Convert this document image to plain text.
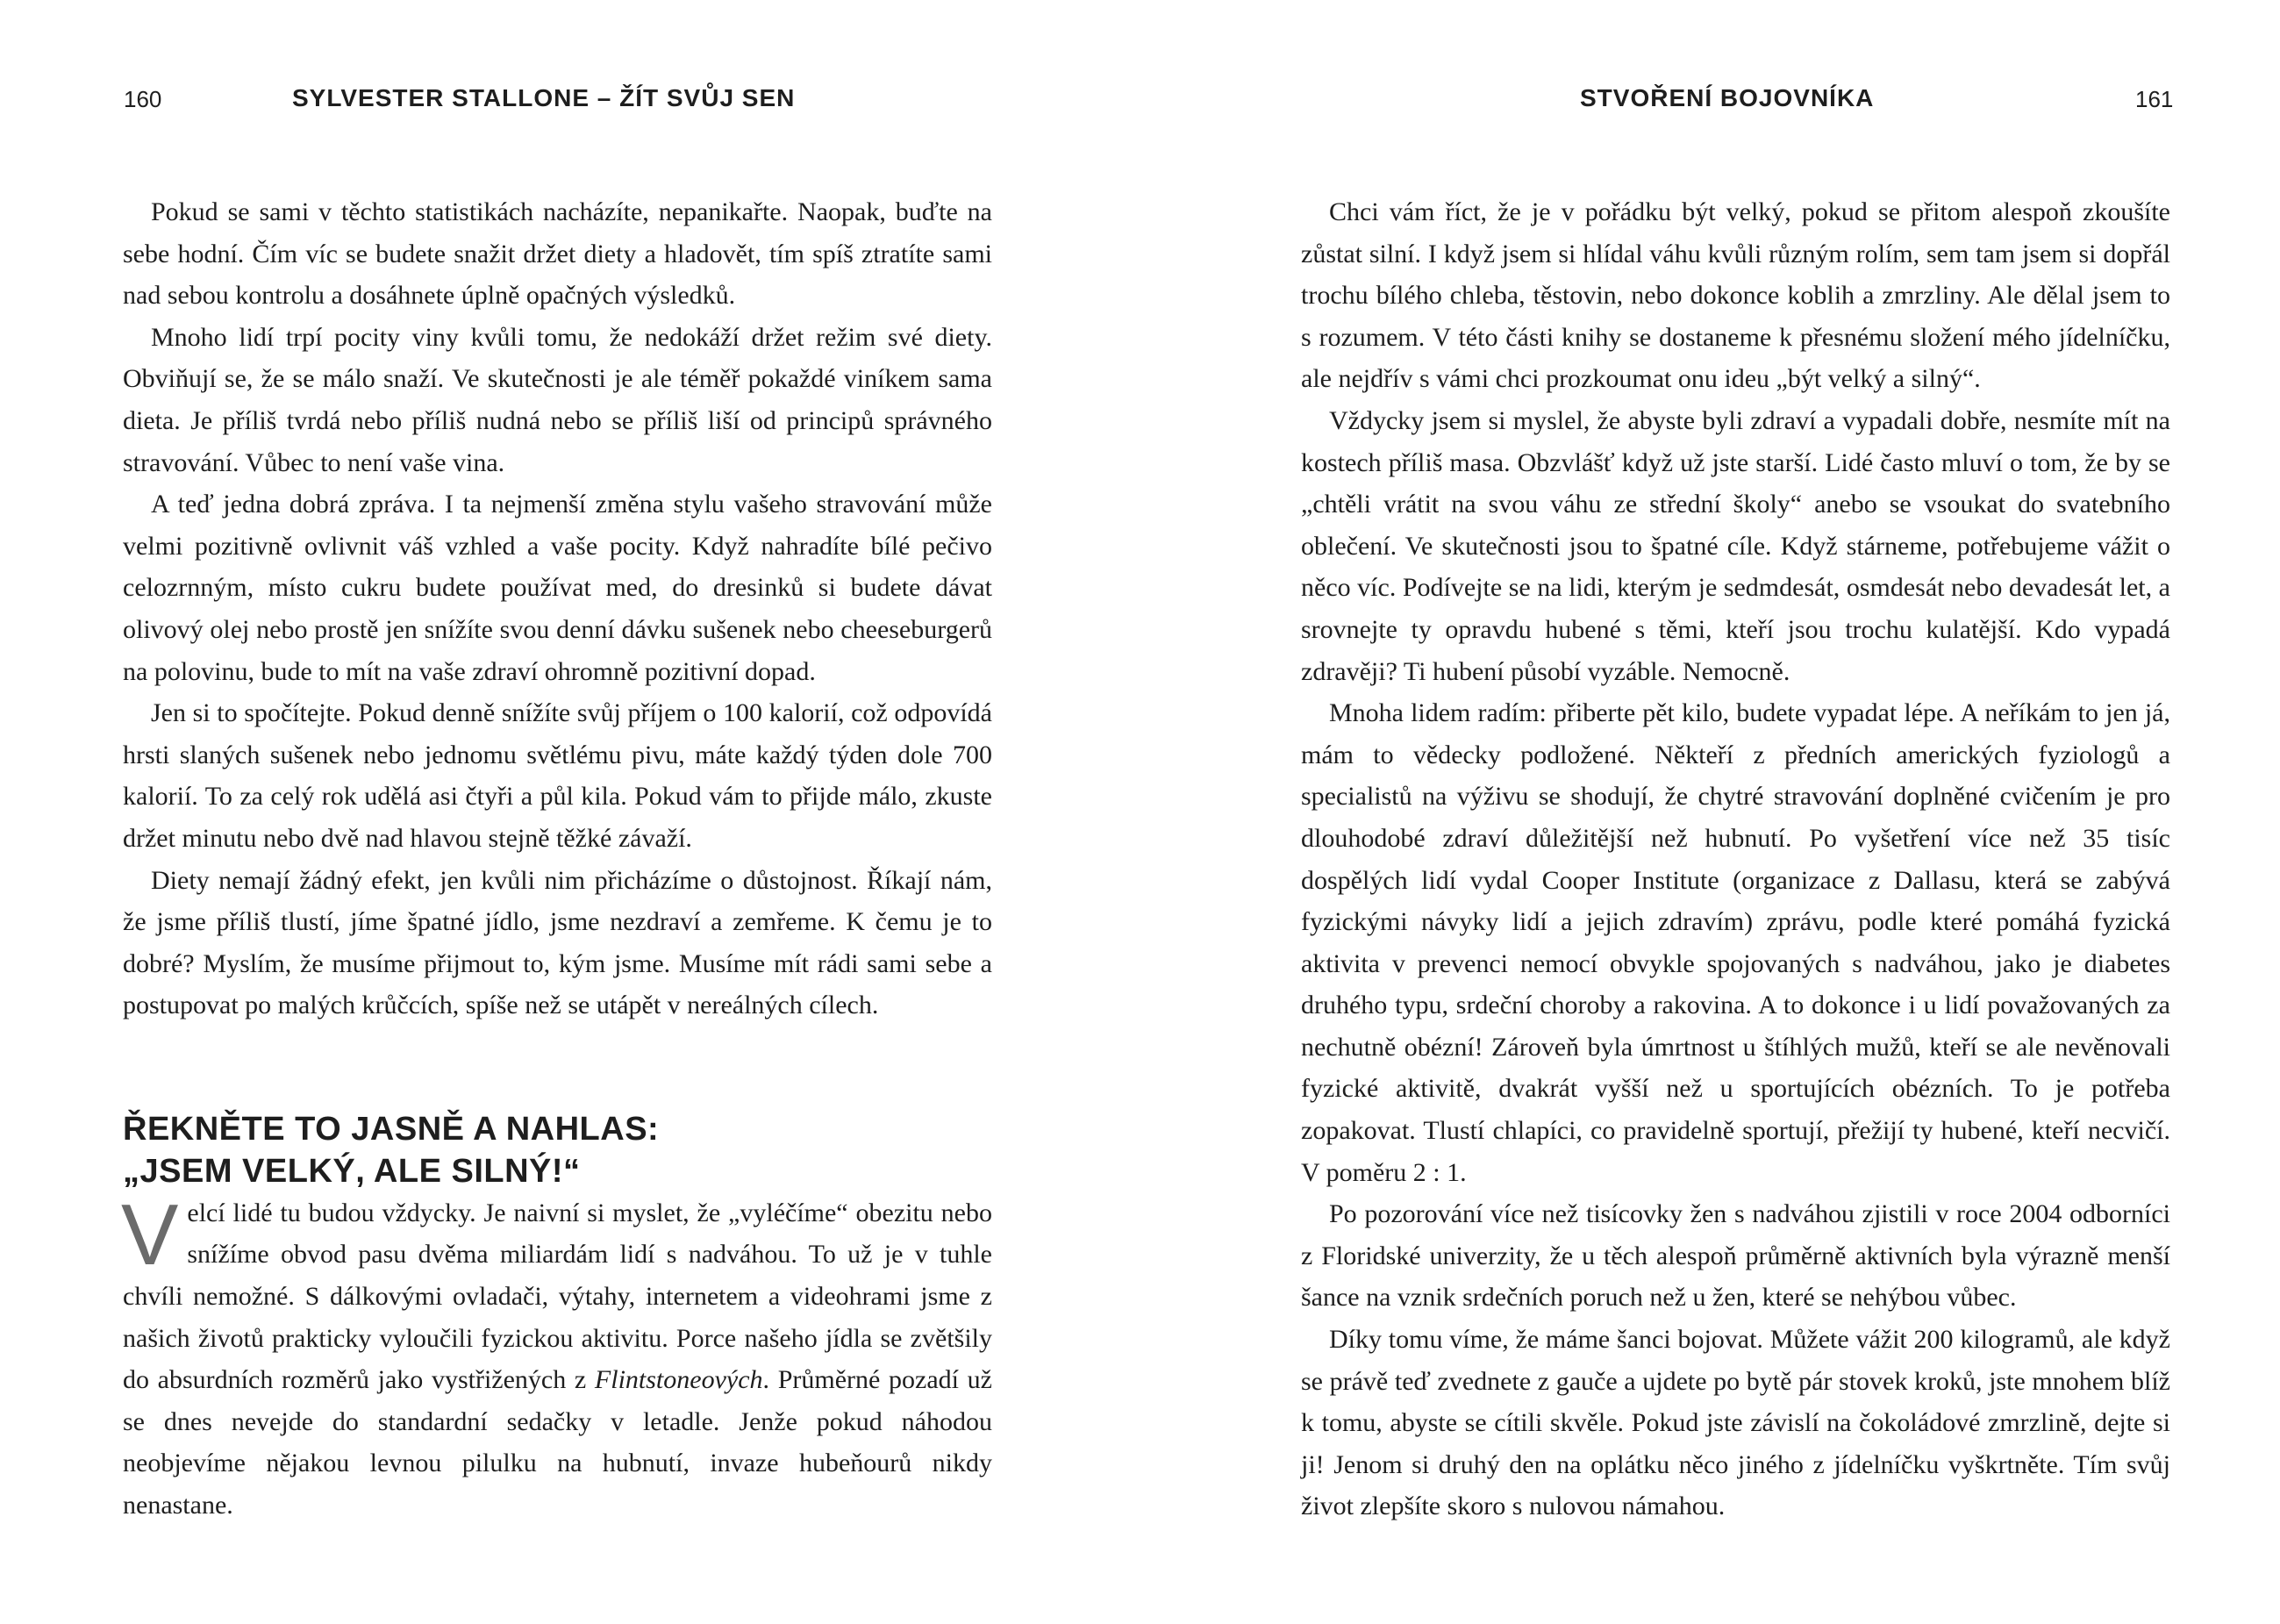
160	SYLVESTER STALLONE – ŽÍT SVŮJ SEN

Pokud se sami v těchto statistikách nacházíte, nepanikařte. Naopak, buďte na sebe hodní. Čím víc se budete snažit držet diety a hladovět, tím spíš ztratíte sami nad sebou kontrolu a dosáhnete úplně opačných výsledků.

Mnoho lidí trpí pocity viny kvůli tomu, že nedokáží držet režim své diety. Obviňují se, že se málo snaží. Ve skutečnosti je ale téměř pokaždé viníkem sama dieta. Je příliš tvrdá nebo příliš nudná nebo se příliš liší od principů správného stravování. Vůbec to není vaše vina.

A teď jedna dobrá zpráva. I ta nejmenší změna stylu vašeho stravování může velmi pozitivně ovlivnit váš vzhled a vaše pocity. Když nahradíte bílé pečivo celozrnným, místo cukru budete používat med, do dresinků si budete dávat olivový olej nebo prostě jen snížíte svou denní dávku sušenek nebo cheeseburgerů na polovinu, bude to mít na vaše zdraví ohromně pozitivní dopad.

Jen si to spočítejte. Pokud denně snížíte svůj příjem o 100 kalorií, což odpovídá hrsti slaných sušenek nebo jednomu světlému pivu, máte každý týden dole 700 kalorií. To za celý rok udělá asi čtyři a půl kila. Pokud vám to přijde málo, zkuste držet minutu nebo dvě nad hlavou stejně těžké závaží.

Diety nemají žádný efekt, jen kvůli nim přicházíme o důstojnost. Říkají nám, že jsme příliš tlustí, jíme špatné jídlo, jsme nezdraví a zemřeme. K čemu je to dobré? Myslím, že musíme přijmout to, kým jsme. Musíme mít rádi sami sebe a postupovat po malých krůčcích, spíše než se utápět v nereálných cílech.

ŘEKNĚTE TO JASNĚ A NAHLAS:
„JSEM VELKÝ, ALE SILNÝ!“

Velcí lidé tu budou vždycky. Je naivní si myslet, že „vyléčíme“ obezitu nebo snížíme obvod pasu dvěma miliardám lidí s nadváhou. To už je v tuhle chvíli nemožné. S dálkovými ovladači, výtahy, internetem a videohrami jsme z našich životů prakticky vyloučili fyzickou aktivitu. Porce našeho jídla se zvětšily do absurdních rozměrů jako vystřižených z Flintstoneových. Průměrné pozadí už se dnes nevejde do standardní sedačky v letadle. Jenže pokud náhodou neobjevíme nějakou levnou pilulku na hubnutí, invaze hubeňourů nikdy nenastane.

STVOŘENÍ BOJOVNÍKA	161

Chci vám říct, že je v pořádku být velký, pokud se přitom alespoň zkoušíte zůstat silní. I když jsem si hlídal váhu kvůli různým rolím, sem tam jsem si dopřál trochu bílého chleba, těstovin, nebo dokonce koblih a zmrzliny. Ale dělal jsem to s rozumem. V této části knihy se dostaneme k přesnému složení mého jídelníčku, ale nejdřív s vámi chci prozkoumat onu ideu „být velký a silný“.

Vždycky jsem si myslel, že abyste byli zdraví a vypadali dobře, nesmíte mít na kostech příliš masa. Obzvlášť když už jste starší. Lidé často mluví o tom, že by se „chtěli vrátit na svou váhu ze střední školy“ anebo se vsoukat do svatebního oblečení. Ve skutečnosti jsou to špatné cíle. Když stárneme, potřebujeme vážit o něco víc. Podívejte se na lidi, kterým je sedmdesát, osmdesát nebo devadesát let, a srovnejte ty opravdu hubené s těmi, kteří jsou trochu kulatější. Kdo vypadá zdravěji? Ti hubení působí vyzáble. Nemocně.

Mnoha lidem radím: přiberte pět kilo, budete vypadat lépe. A neříkám to jen já, mám to vědecky podložené. Někteří z předních amerických fyziologů a specialistů na výživu se shodují, že chytré stravování doplněné cvičením je pro dlouhodobé zdraví důležitější než hubnutí. Po vyšetření více než 35 tisíc dospělých lidí vydal Cooper Institute (organizace z Dallasu, která se zabývá fyzickými návyky lidí a jejich zdravím) zprávu, podle které pomáhá fyzická aktivita v prevenci nemocí obvykle spojovaných s nadváhou, jako je diabetes druhého typu, srdeční choroby a rakovina. A to dokonce i u lidí považovaných za nechutně obézní! Zároveň byla úmrtnost u štíhlých mužů, kteří se ale nevěnovali fyzické aktivitě, dvakrát vyšší než u sportujících obézních. To je potřeba zopakovat. Tlustí chlapíci, co pravidelně sportují, přežijí ty hubené, kteří necvičí. V poměru 2 : 1.

Po pozorování více než tisícovky žen s nadváhou zjistili v roce 2004 odborníci z Floridské univerzity, že u těch alespoň průměrně aktivních byla výrazně menší šance na vznik srdečních poruch než u žen, které se nehýbou vůbec.

Díky tomu víme, že máme šanci bojovat. Můžete vážit 200 kilogramů, ale když se právě teď zvednete z gauče a ujdete po bytě pár stovek kroků, jste mnohem blíž k tomu, abyste se cítili skvěle. Pokud jste závislí na čokoládové zmrzlině, dejte si ji! Jenom si druhý den na oplátku něco jiného z jídelníčku vyškrtněte. Tím svůj život zlepšíte skoro s nulovou námahou.
